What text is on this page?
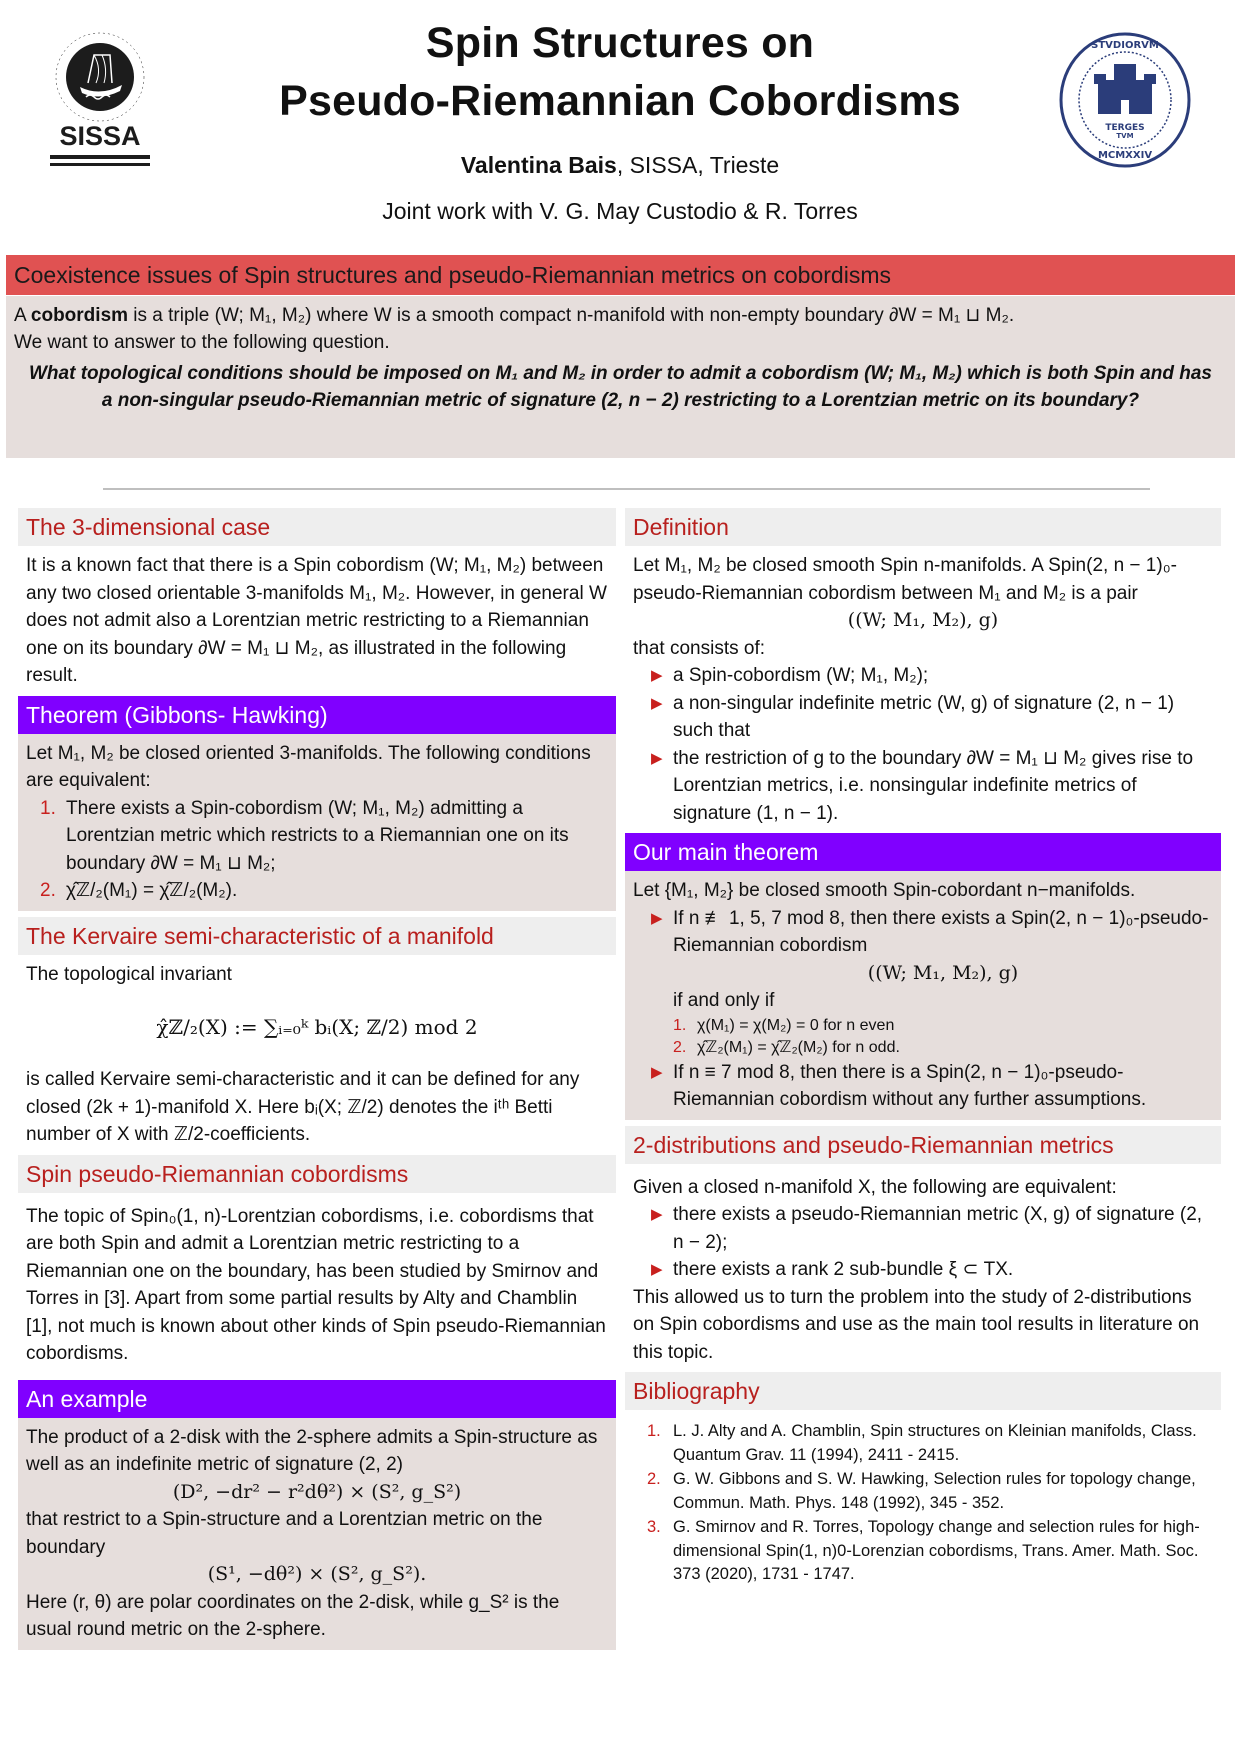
SISSA
Spin Structures on
Pseudo-Riemannian Cobordisms
Valentina Bais, SISSA, Trieste
Joint work with V. G. May Custodio & R. Torres
TERGES
TVM
STVDIORVM
MCMXXIV
Coexistence issues of Spin structures and pseudo-Riemannian metrics on cobordisms
A cobordism is a triple (W; M₁, M₂) where W is a smooth compact n-manifold with non-empty boundary ∂W = M₁ ⊔ M₂.
We want to answer to the following question.
What topological conditions should be imposed on M₁ and M₂ in order to admit a cobordism (W; M₁, M₂) which is both Spin and has a non-singular pseudo-Riemannian metric of signature (2, n − 2) restricting to a Lorentzian metric on its boundary?
The 3-dimensional case
It is a known fact that there is a Spin cobordism (W; M₁, M₂) between any two closed orientable 3-manifolds M₁, M₂. However, in general W does not admit also a Lorentzian metric restricting to a Riemannian one on its boundary ∂W = M₁ ⊔ M₂, as illustrated in the following result.
Theorem (Gibbons- Hawking)
Let M₁, M₂ be closed oriented 3-manifolds. The following conditions are equivalent:
1. There exists a Spin-cobordism (W; M₁, M₂) admitting a Lorentzian metric which restricts to a Riemannian one on its boundary ∂W = M₁ ⊔ M₂;
2. χ̂ℤ/₂(M₁) = χ̂ℤ/₂(M₂).
The Kervaire semi-characteristic of a manifold
The topological invariant
χ̂ℤ/₂(X) := ∑ᵢ₌₀ᵏ bᵢ(X; ℤ/2) mod 2
is called Kervaire semi-characteristic and it can be defined for any closed (2k + 1)-manifold X. Here bᵢ(X; ℤ/2) denotes the iᵗʰ Betti number of X with ℤ/2-coefficients.
Spin pseudo-Riemannian cobordisms
The topic of Spin₀(1, n)-Lorentzian cobordisms, i.e. cobordisms that are both Spin and admit a Lorentzian metric restricting to a Riemannian one on the boundary, has been studied by Smirnov and Torres in [3]. Apart from some partial results by Alty and Chamblin [1], not much is known about other kinds of Spin pseudo-Riemannian cobordisms.
An example
The product of a 2-disk with the 2-sphere admits a Spin-structure as well as an indefinite metric of signature (2, 2)
(D², −dr² − r²dθ²) × (S², g_S²)
that restrict to a Spin-structure and a Lorentzian metric on the boundary
(S¹, −dθ²) × (S², g_S²).
Here (r, θ) are polar coordinates on the 2-disk, while g_S² is the usual round metric on the 2-sphere.
Definition
Let M₁, M₂ be closed smooth Spin n-manifolds. A Spin(2, n − 1)₀-pseudo-Riemannian cobordism between M₁ and M₂ is a pair
((W; M₁, M₂), g)
that consists of:
▶ a Spin-cobordism (W; M₁, M₂);
▶ a non-singular indefinite metric (W, g) of signature (2, n − 1) such that
▶ the restriction of g to the boundary ∂W = M₁ ⊔ M₂ gives rise to Lorentzian metrics, i.e. nonsingular indefinite metrics of signature (1, n − 1).
Our main theorem
Let {M₁, M₂} be closed smooth Spin-cobordant n−manifolds.
▶ If n ≢ 1, 5, 7 mod 8, then there exists a Spin(2, n − 1)₀-pseudo-Riemannian cobordism
((W; M₁, M₂), g)
if and only if
1. χ(M₁) = χ(M₂) = 0 for n even
2. χ̂ℤ₂(M₁) = χ̂ℤ₂(M₂) for n odd.
▶ If n ≡ 7 mod 8, then there is a Spin(2, n − 1)₀-pseudo-Riemannian cobordism without any further assumptions.
2-distributions and pseudo-Riemannian metrics
Given a closed n-manifold X, the following are equivalent:
▶ there exists a pseudo-Riemannian metric (X, g) of signature (2, n − 2);
▶ there exists a rank 2 sub-bundle ξ ⊂ TX.
This allowed us to turn the problem into the study of 2-distributions on Spin cobordisms and use as the main tool results in literature on this topic.
Bibliography
1. L. J. Alty and A. Chamblin, Spin structures on Kleinian manifolds, Class. Quantum Grav. 11 (1994), 2411 - 2415.
2. G. W. Gibbons and S. W. Hawking, Selection rules for topology change, Commun. Math. Phys. 148 (1992), 345 - 352.
3. G. Smirnov and R. Torres, Topology change and selection rules for high-dimensional Spin(1, n)0-Lorenzian cobordisms, Trans. Amer. Math. Soc. 373 (2020), 1731 - 1747.
